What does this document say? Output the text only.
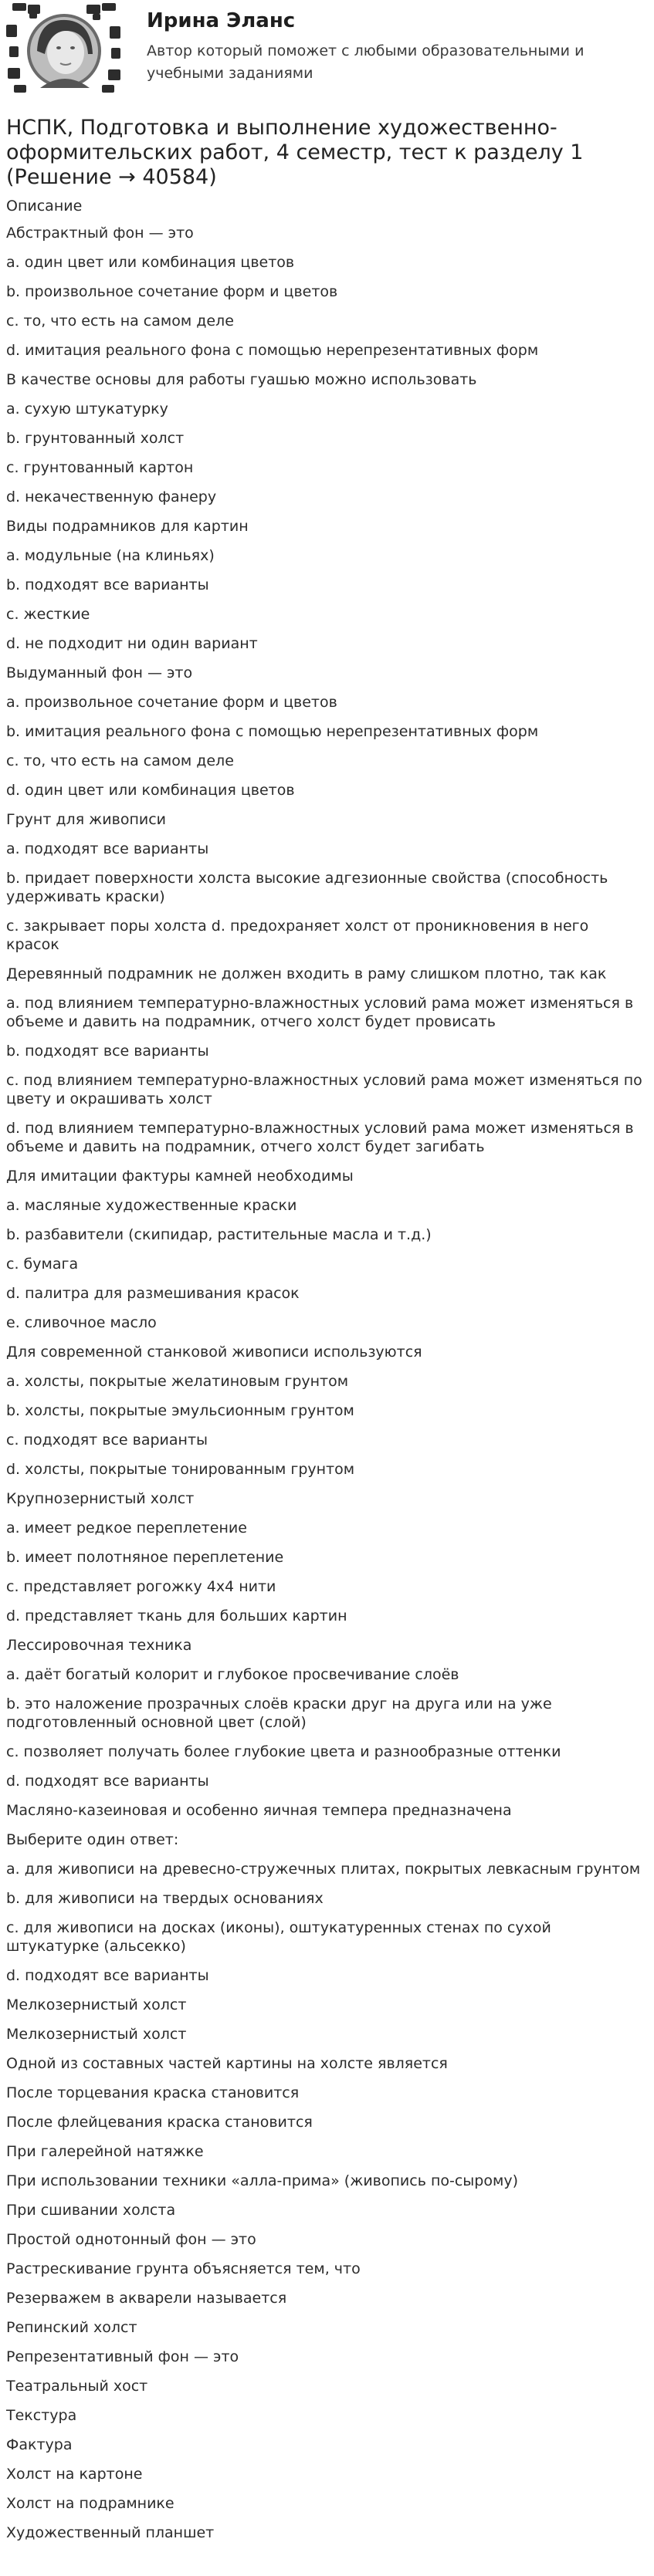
Ирина Эланс
Автор который поможет с любыми образовательными и учебными заданиями
НСПК, Подготовка и выполнение художественно-оформительских работ, 4 семестр, тест к разделу 1 (Решение → 40584)
Описание
Абстрактный фон — это
a. один цвет или комбинация цветов
b. произвольное сочетание форм и цветов
c. то, что есть на самом деле
d. имитация реального фона с помощью нерепрезентативных форм
В качестве основы для работы гуашью можно использовать
a. сухую штукатурку
b. грунтованный холст
c. грунтованный картон
d. некачественную фанеру
Виды подрамников для картин
a. модульные (на клиньях)
b. подходят все варианты
c. жесткие
d. не подходит ни один вариант
Выдуманный фон — это
a. произвольное сочетание форм и цветов
b. имитация реального фона с помощью нерепрезентативных форм
c. то, что есть на самом деле
d. один цвет или комбинация цветов
Грунт для живописи
a. подходят все варианты
b. придает поверхности холста высокие адгезионные свойства (способность удерживать краски)
c. закрывает поры холста d. предохраняет холст от проникновения в него красок
Деревянный подрамник не должен входить в раму слишком плотно, так как
a. под влиянием температурно-влажностных условий рама может изменяться в объеме и давить на подрамник, отчего холст будет провисать
b. подходят все варианты
c. под влиянием температурно-влажностных условий рама может изменяться по цвету и окрашивать холст
d. под влиянием температурно-влажностных условий рама может изменяться в объеме и давить на подрамник, отчего холст будет загибать
Для имитации фактуры камней необходимы
a. масляные художественные краски
b. разбавители (скипидар, растительные масла и т.д.)
c. бумага
d. палитра для размешивания красок
e. сливочное масло
Для современной станковой живописи используются
a. холсты, покрытые желатиновым грунтом
b. холсты, покрытые эмульсионным грунтом
c. подходят все варианты
d. холсты, покрытые тонированным грунтом
Крупнозернистый холст
a. имеет редкое переплетение
b. имеет полотняное переплетение
c. представляет рогожку 4х4 нити
d. представляет ткань для больших картин
Лессировочная техника
a. даёт богатый колорит и глубокое просвечивание слоёв
b. это наложение прозрачных слоёв краски друг на друга или на уже подготовленный основной цвет (слой)
c. позволяет получать более глубокие цвета и разнообразные оттенки
d. подходят все варианты
Масляно-казеиновая и особенно яичная темпера предназначена
Выберите один ответ:
a. для живописи на древесно-стружечных плитах, покрытых левкасным грунтом
b. для живописи на твердых основаниях
c. для живописи на досках (иконы), оштукатуренных стенах по сухой штукатурке (альсекко)
d. подходят все варианты
Мелкозернистый холст
Мелкозернистый холст
Одной из составных частей картины на холсте является
После торцевания краска становится
После флейцевания краска становится
При галерейной натяжке
При использовании техники «алла-прима» (живопись по-сырому)
При сшивании холста
Простой однотонный фон — это
Растрескивание грунта объясняется тем, что
Резерважем в акварели называется
Репинский холст
Репрезентативный фон — это
Театральный хост
Текстура
Фактура
Холст на картоне
Холст на подрамнике
Художественный планшет
